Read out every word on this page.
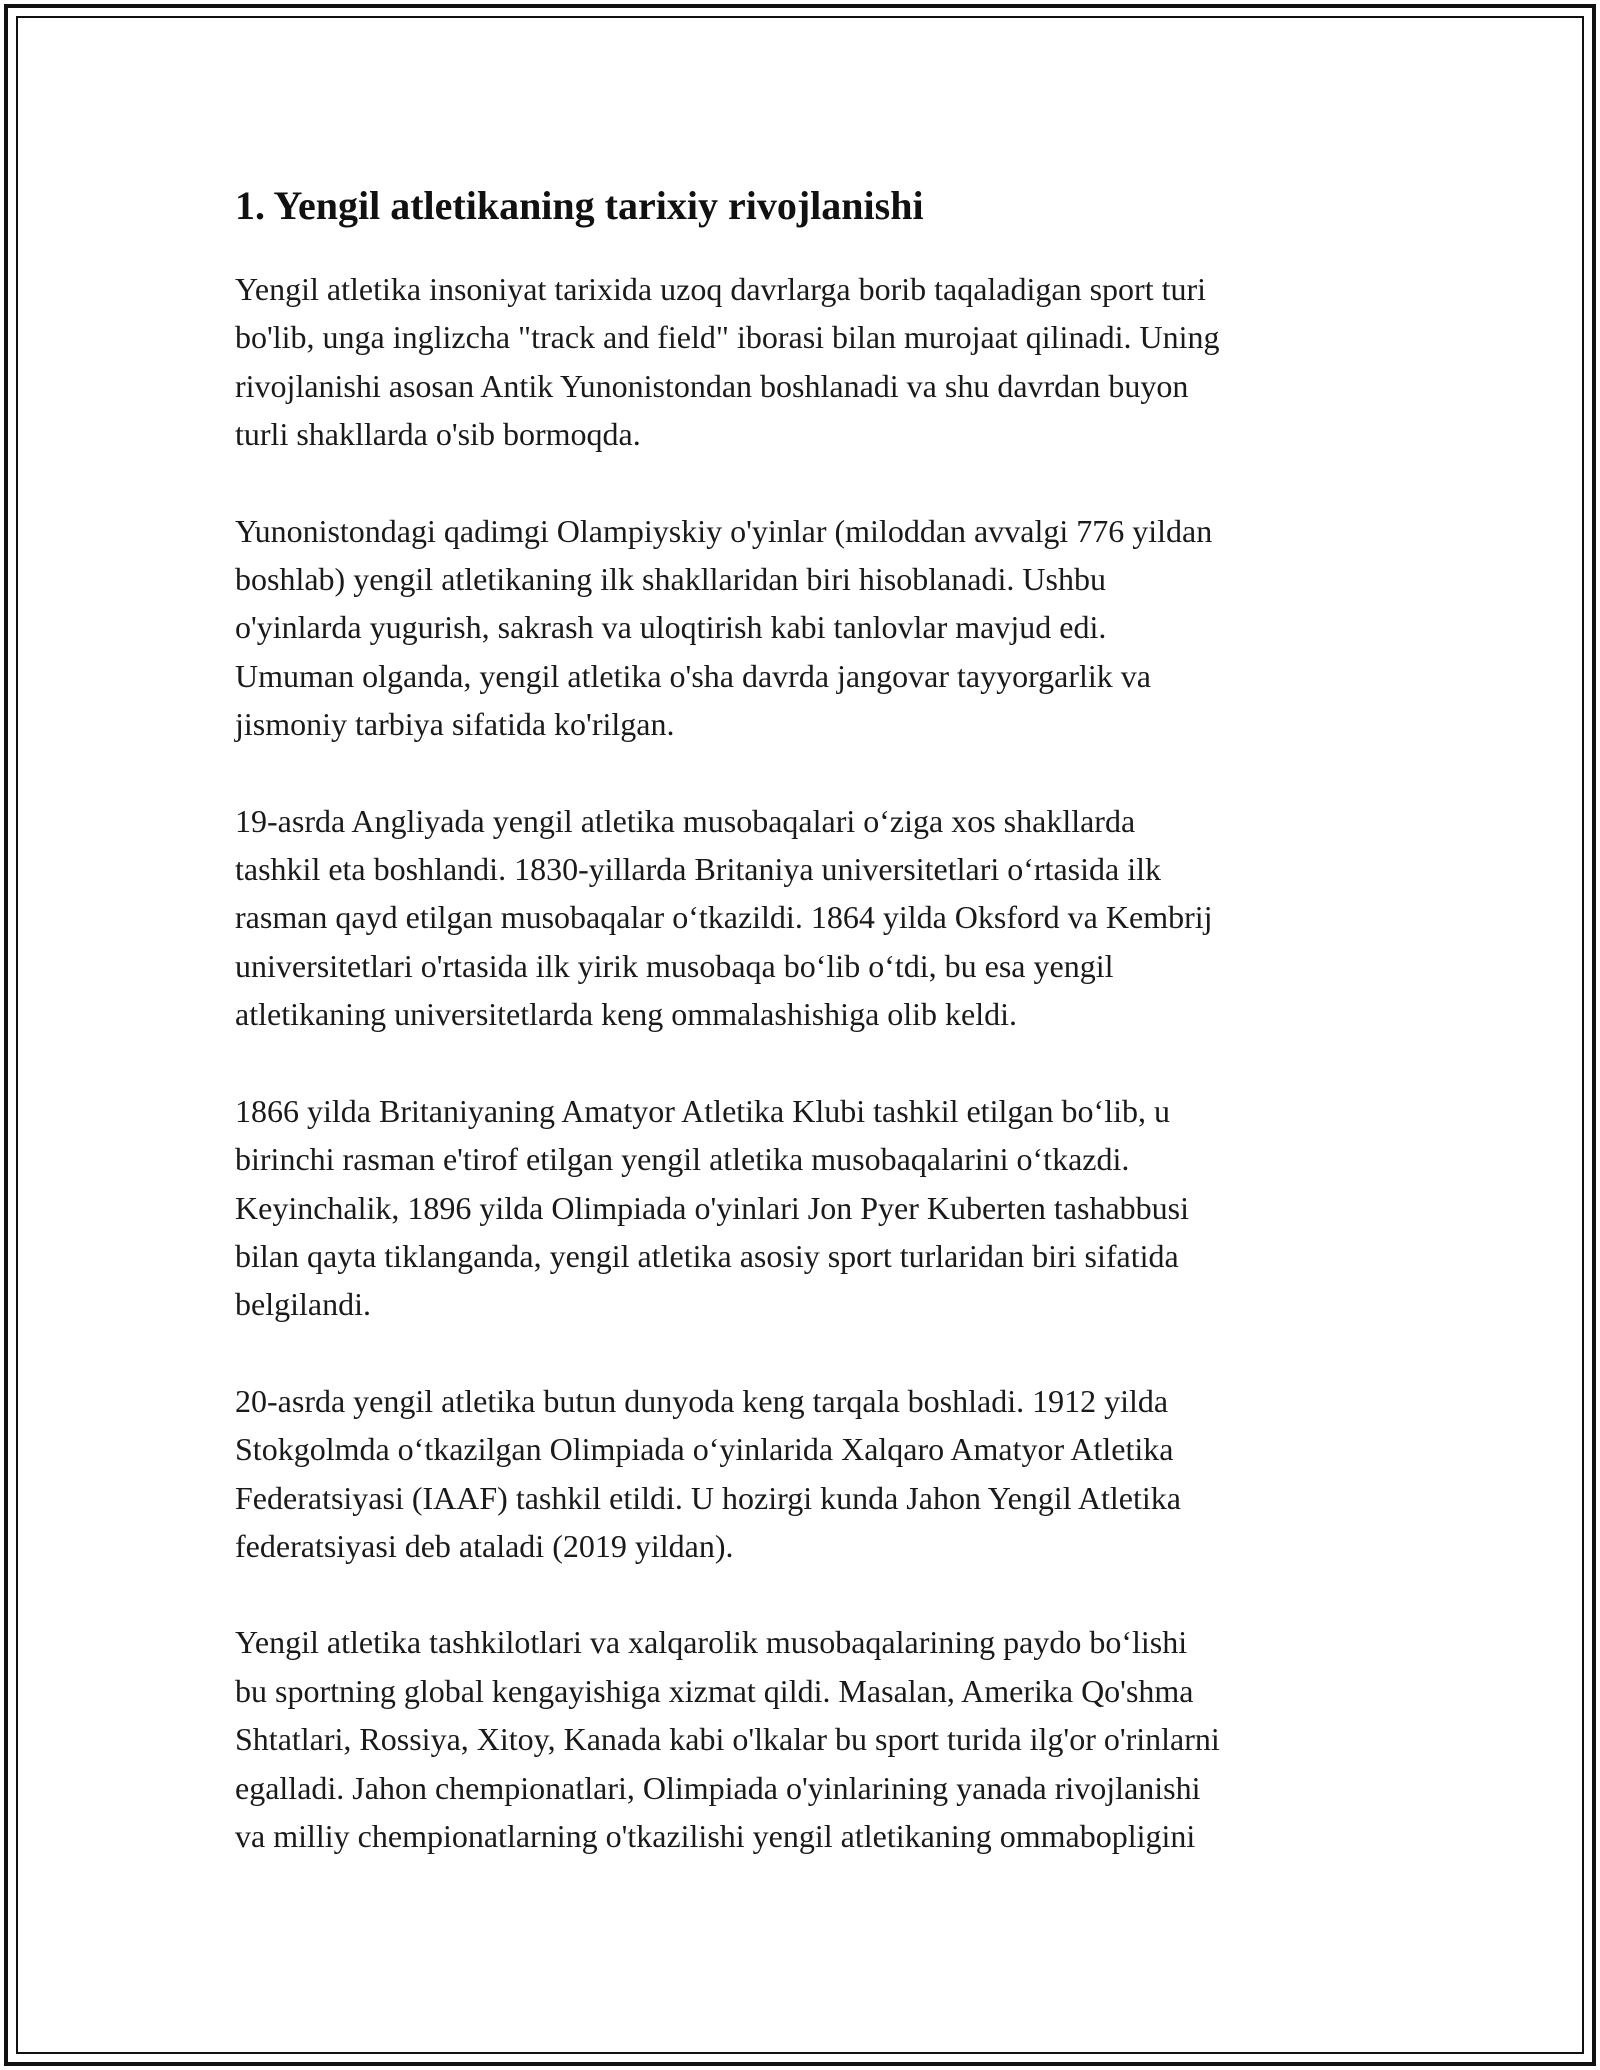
1. Yengil atletikaning tarixiy rivojlanishi

Yengil atletika insoniyat tarixida uzoq davrlarga borib taqaladigan sport turi
bo'lib, unga inglizcha "track and field" iborasi bilan murojaat qilinadi. Uning
rivojlanishi asosan Antik Yunonistondan boshlanadi va shu davrdan buyon
turli shakllarda o'sib bormoqda.

Yunonistondagi qadimgi Olampiyskiy o'yinlar (miloddan avvalgi 776 yildan
boshlab) yengil atletikaning ilk shakllaridan biri hisoblanadi. Ushbu
o'yinlarda yugurish, sakrash va uloqtirish kabi tanlovlar mavjud edi.
Umuman olganda, yengil atletika o'sha davrda jangovar tayyorgarlik va
jismoniy tarbiya sifatida ko'rilgan.

19-asrda Angliyada yengil atletika musobaqalari o‘ziga xos shakllarda
tashkil eta boshlandi. 1830-yillarda Britaniya universitetlari o‘rtasida ilk
rasman qayd etilgan musobaqalar o‘tkazildi. 1864 yilda Oksford va Kembrij
universitetlari o'rtasida ilk yirik musobaqa bo‘lib o‘tdi, bu esa yengil
atletikaning universitetlarda keng ommalashishiga olib keldi.

1866 yilda Britaniyaning Amatyor Atletika Klubi tashkil etilgan bo‘lib, u
birinchi rasman e'tirof etilgan yengil atletika musobaqalarini o‘tkazdi.
Keyinchalik, 1896 yilda Olimpiada o'yinlari Jon Pyer Kuberten tashabbusi
bilan qayta tiklanganda, yengil atletika asosiy sport turlaridan biri sifatida
belgilandi.

20-asrda yengil atletika butun dunyoda keng tarqala boshladi. 1912 yilda
Stokgolmda o‘tkazilgan Olimpiada o‘yinlarida Xalqaro Amatyor Atletika
Federatsiyasi (IAAF) tashkil etildi. U hozirgi kunda Jahon Yengil Atletika
federatsiyasi deb ataladi (2019 yildan).

Yengil atletika tashkilotlari va xalqarolik musobaqalarining paydo bo‘lishi
bu sportning global kengayishiga xizmat qildi. Masalan, Amerika Qo'shma
Shtatlari, Rossiya, Xitoy, Kanada kabi o'lkalar bu sport turida ilg'or o'rinlarni
egalladi. Jahon chempionatlari, Olimpiada o'yinlarining yanada rivojlanishi
va milliy chempionatlarning o'tkazilishi yengil atletikaning ommabopligini
